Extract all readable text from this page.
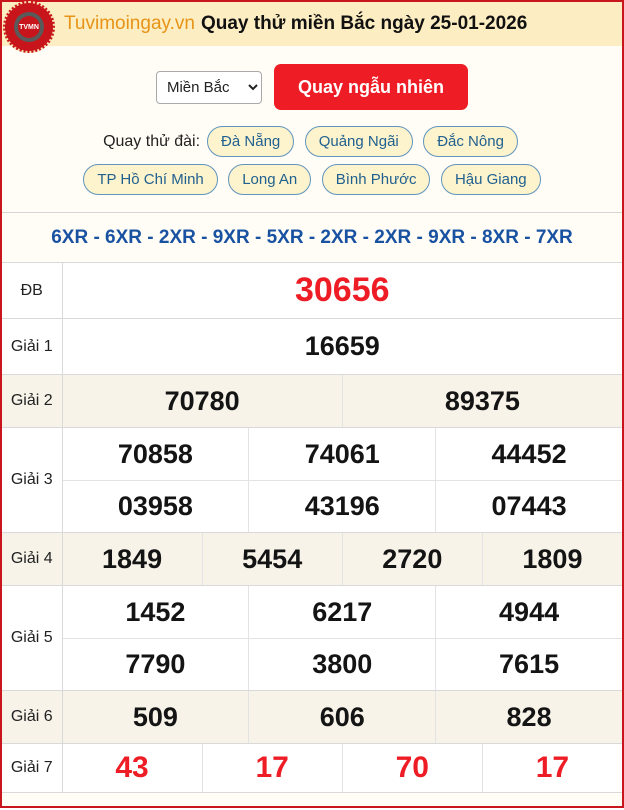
TVMN Tuvimoingay.vn Quay thử miền Bắc ngày 25-01-2026
Miền Bắc
Quay ngẫu nhiên
Quay thử đài: Đà Nẵng	Quảng Ngãi	Đắc Nông TP Hồ Chí Minh	Long An	Bình Phước	Hậu Giang
6XR - 6XR - 2XR - 9XR - 5XR - 2XR - 2XR - 9XR - 8XR - 7XR
ĐB	30656

Giải 1	16659

Giải 2	70780 89375

Giải 3	
70858	74061	44452
03958	43196	07443

Giải 4	1849 5454 2720 1809

Giải 5	
1452	6217	4944
7790	3800	7615

Giải 6	509 606 828

Giải 7	43 17 70 17
